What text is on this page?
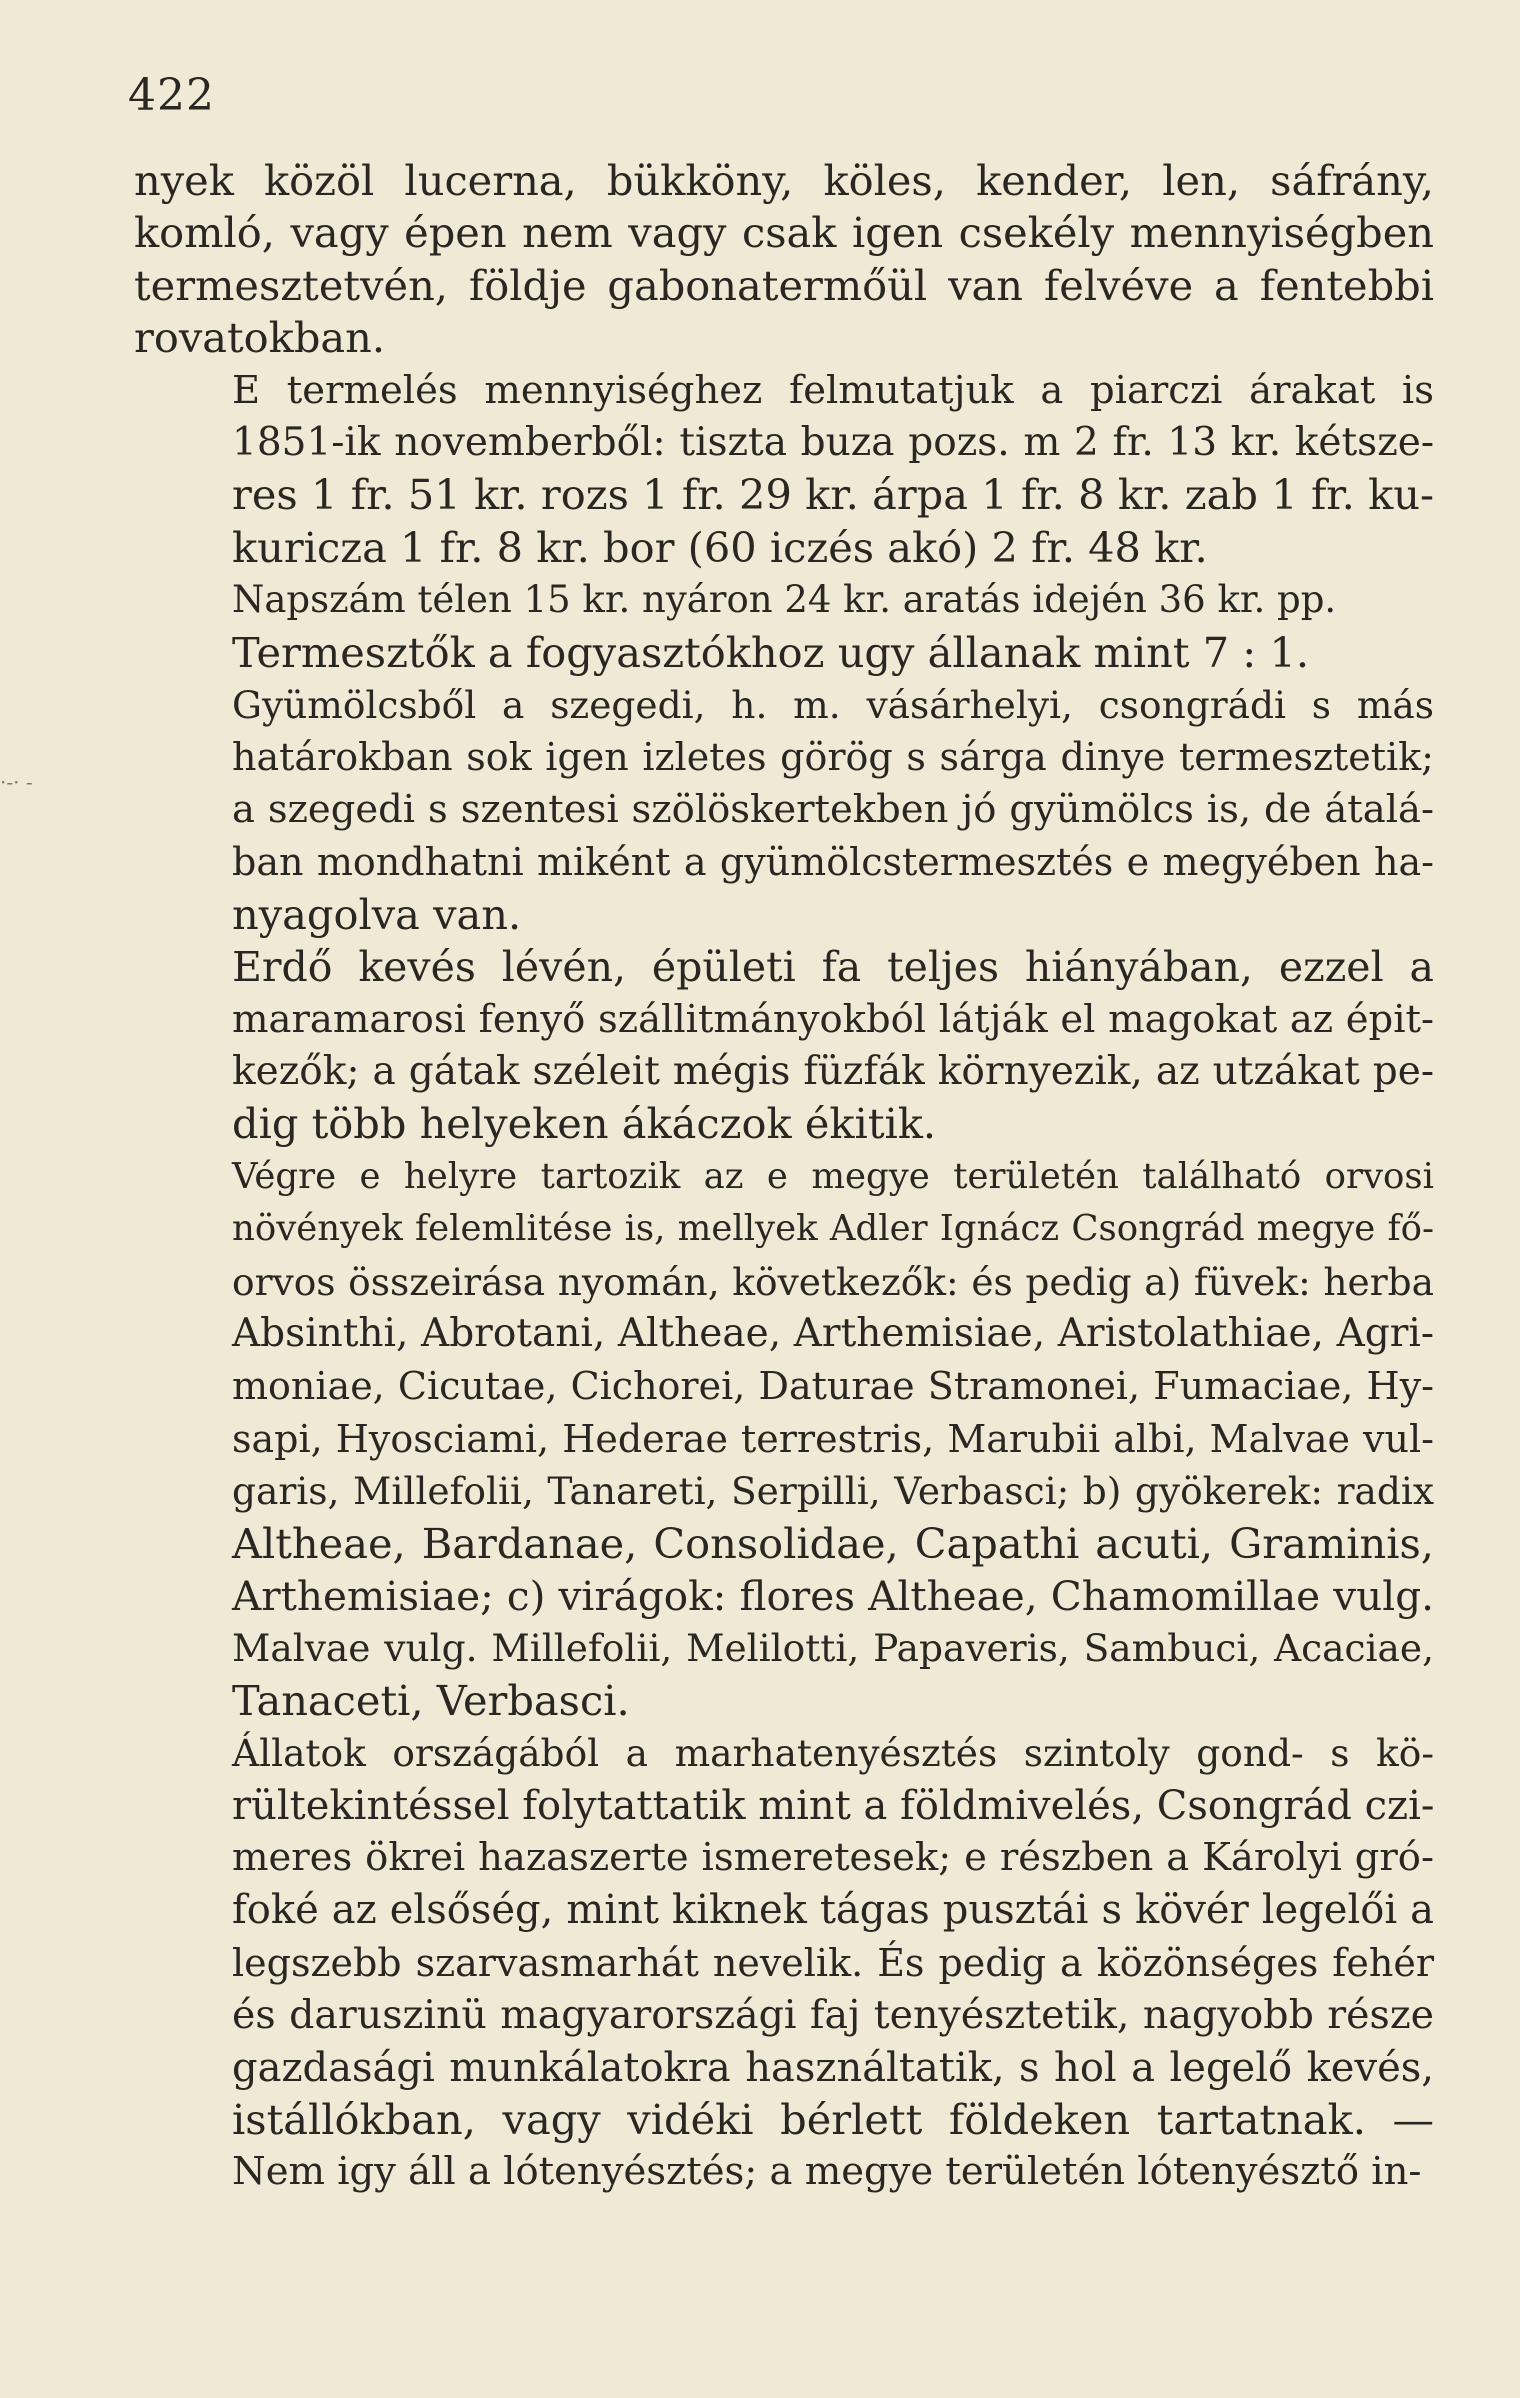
422
·-· -

nyek közöl lucerna, bükköny, köles, kender, len, sáfrány,
komló, vagy épen nem vagy csak igen csekély mennyiségben
termesztetvén, földje gabonatermőül van felvéve a fentebbi
rovatokban.

E termelés mennyiséghez felmutatjuk a piarczi árakat is
1851-ik novemberből: tiszta buza pozs. m 2 fr. 13 kr. kétsze-
res 1 fr. 51 kr. rozs 1 fr. 29 kr. árpa 1 fr. 8 kr. zab 1 fr. ku-
kuricza 1 fr. 8 kr. bor (60 iczés akó) 2 fr. 48 kr.

Napszám télen 15 kr. nyáron 24 kr. aratás idején 36 kr. pp.

Termesztők a fogyasztókhoz ugy állanak mint 7 : 1.

Gyümölcsből a szegedi, h. m. vásárhelyi, csongrádi s más
határokban sok igen izletes görög s sárga dinye termesztetik;
a szegedi s szentesi szölöskertekben jó gyümölcs is, de átalá-
ban mondhatni miként a gyümölcstermesztés e megyében ha-
nyagolva van.

Erdő kevés lévén, épületi fa teljes hiányában, ezzel a
maramarosi fenyő szállitmányokból látják el magokat az épit-
kezők; a gátak széleit mégis füzfák környezik, az utzákat pe-
dig több helyeken ákáczok ékitik.

Végre e helyre tartozik az e megye területén található orvosi
növények felemlitése is, mellyek Adler Ignácz Csongrád megye fő-
orvos összeirása nyomán, következők: és pedig a) füvek: herba
Absinthi, Abrotani, Altheae, Arthemisiae, Aristolathiae, Agri-
moniae, Cicutae, Cichorei, Daturae Stramonei, Fumaciae, Hy-
sapi, Hyosciami, Hederae terrestris, Marubii albi, Malvae vul-
garis, Millefolii, Tanareti, Serpilli, Verbasci; b) gyökerek: radix
Altheae, Bardanae, Consolidae, Capathi acuti, Graminis,
Arthemisiae; c) virágok: flores Altheae, Chamomillae vulg.
Malvae vulg. Millefolii, Melilotti, Papaveris, Sambuci, Acaciae,
Tanaceti, Verbasci.

Állatok országából a marhatenyésztés szintoly gond- s kö-
rültekintéssel folytattatik mint a földmivelés, Csongrád czi-
meres ökrei hazaszerte ismeretesek; e részben a Károlyi gró-
foké az elsőség, mint kiknek tágas pusztái s kövér legelői a
legszebb szarvasmarhát nevelik. És pedig a közönséges fehér
és daruszinü magyarországi faj tenyésztetik, nagyobb része
gazdasági munkálatokra használtatik, s hol a legelő kevés,
istállókban, vagy vidéki bérlett földeken tartatnak. —
Nem igy áll a lótenyésztés; a megye területén lótenyésztő in-
